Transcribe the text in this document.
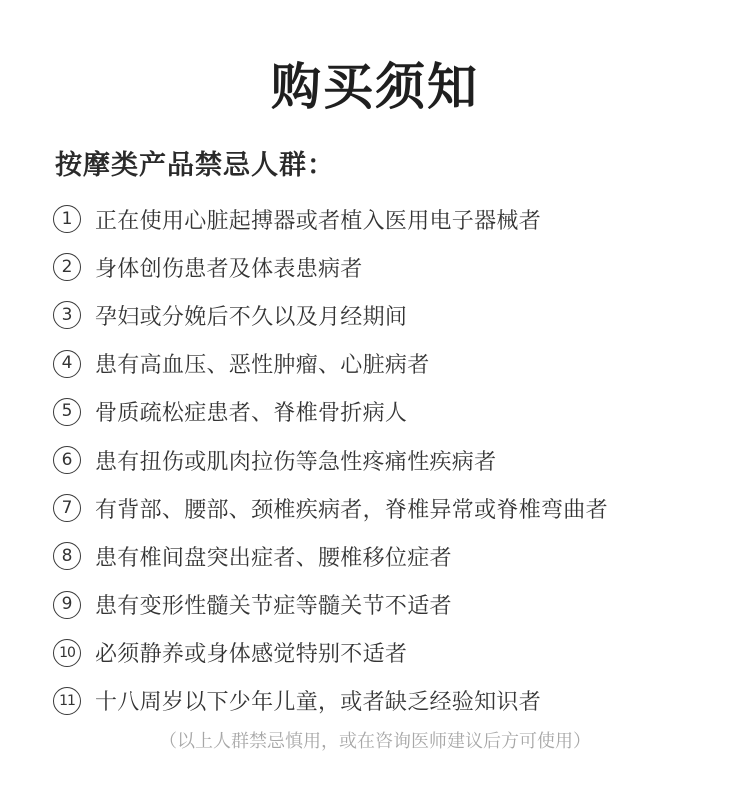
购买须知
按摩类产品禁忌人群：
1	正在使用心脏起搏器或者植入医用电子器械者
2	身体创伤患者及体表患病者
3	孕妇或分娩后不久以及月经期间
4	患有高血压、恶性肿瘤、心脏病者
5	骨质疏松症患者、脊椎骨折病人
6	患有扭伤或肌肉拉伤等急性疼痛性疾病者
7	有背部、腰部、颈椎疾病者，脊椎异常或脊椎弯曲者
8	患有椎间盘突出症者、腰椎移位症者
9	患有变形性髓关节症等髓关节不适者
10 必须静养或身体感觉特别不适者
11 十八周岁以下少年儿童，或者缺乏经验知识者
（以上人群禁忌慎用，或在咨询医师建议后方可使用）
